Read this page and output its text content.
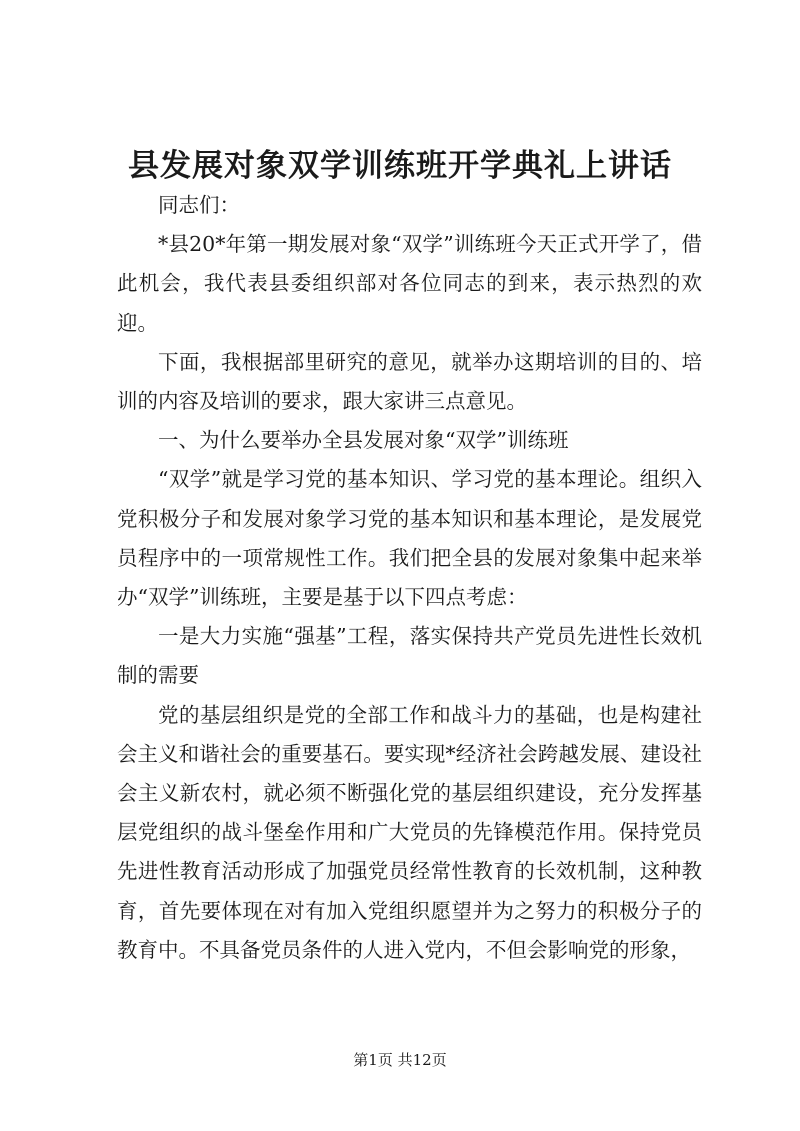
县发展对象双学训练班开学典礼上讲话

同志们：

*县20*年第一期发展对象“双学”训练班今天正式开学了，借此机会，我代表县委组织部对各位同志的到来，表示热烈的欢迎。

下面，我根据部里研究的意见，就举办这期培训的目的、培训的内容及培训的要求，跟大家讲三点意见。

一、为什么要举办全县发展对象“双学”训练班

“双学”就是学习党的基本知识、学习党的基本理论。组织入党积极分子和发展对象学习党的基本知识和基本理论，是发展党员程序中的一项常规性工作。我们把全县的发展对象集中起来举办“双学”训练班，主要是基于以下四点考虑：

一是大力实施“强基”工程，落实保持共产党员先进性长效机制的需要

党的基层组织是党的全部工作和战斗力的基础，也是构建社会主义和谐社会的重要基石。要实现*经济社会跨越发展、建设社会主义新农村，就必须不断强化党的基层组织建设，充分发挥基层党组织的战斗堡垒作用和广大党员的先锋模范作用。保持党员先进性教育活动形成了加强党员经常性教育的长效机制，这种教育，首先要体现在对有加入党组织愿望并为之努力的积极分子的教育中。不具备党员条件的人进入党内，不但会影响党的形象，

第1页 共12页
